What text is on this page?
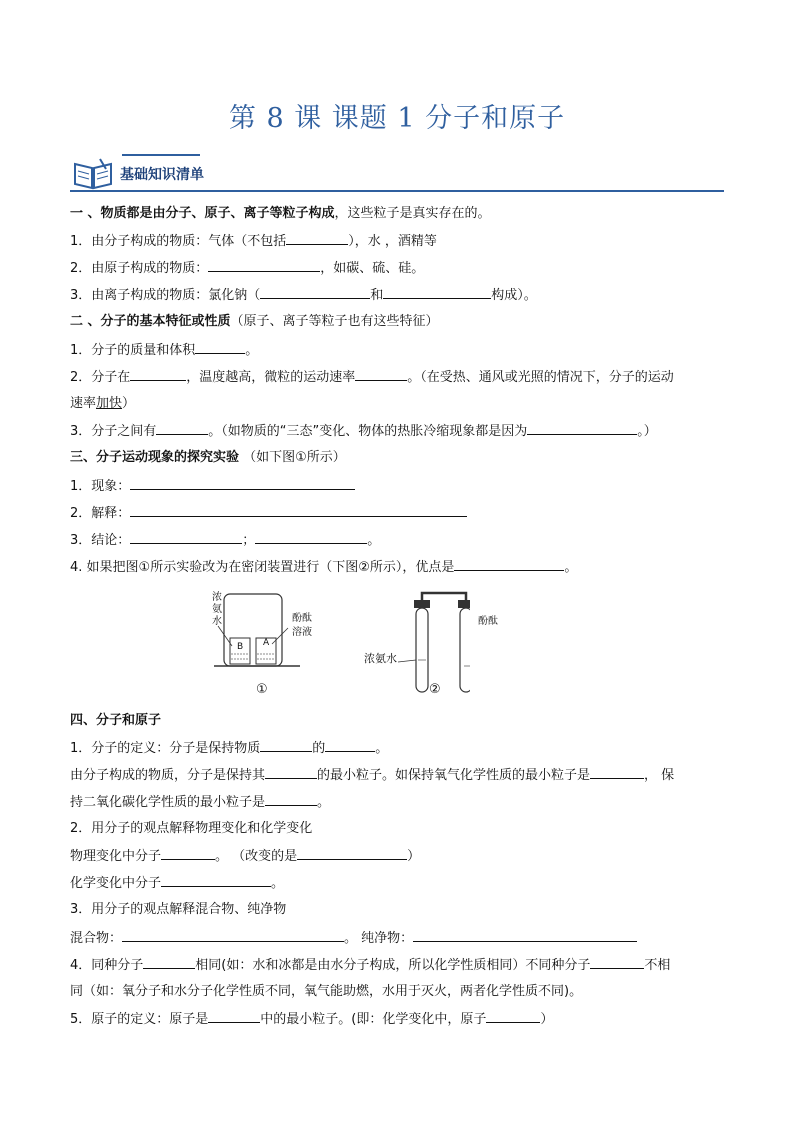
第 8 课 课题 1 分子和原子
基础知识清单
一 、物质都是由分子、原子、离子等粒子构成，这些粒子是真实存在的。
1．由分子构成的物质：气体（不包括	），水 ，酒精等
2．由原子构成的物质：	，如碳、硫、硅。
3．由离子构成的物质：氯化钠（	和	构成）。
二 、分子的基本特征或性质（原子、离子等粒子也有这些特征）
1．分子的质量和体积	。
2．分子在	，温度越高，微粒的运动速率	。（在受热、通风或光照的情况下，分子的运动
速率加快）
3．分子之间有	。（如物质的“三态”变化、物体的热胀冷缩现象都是因为	。）
三、分子运动现象的探究实验 （如下图①所示）
1．现象：
2．解释：
3．结论：	；	。
4. 如果把图①所示实验改为在密闭装置进行（下图②所示），优点是	。
浓氨水	酚酞溶液
B A
浓氨水
酚酞
①	②
四、分子和原子
1．分子的定义：分子是保持物质	的	。
由分子构成的物质，分子是保持其	的最小粒子。如保持氧气化学性质的最小粒子是	， 保
持二氧化碳化学性质的最小粒子是	。
2．用分子的观点解释物理变化和化学变化
物理变化中分子	。 （改变的是	）
化学变化中分子	。
3．用分子的观点解释混合物、纯净物
混合物：	。 纯净物：
4．同种分子	相同(如：水和冰都是由水分子构成，所以化学性质相同）不同种分子	不相
同（如：氧分子和水分子化学性质不同，氧气能助燃，水用于灭火，两者化学性质不同)。
5．原子的定义：原子是	中的最小粒子。(即：化学变化中，原子	）
